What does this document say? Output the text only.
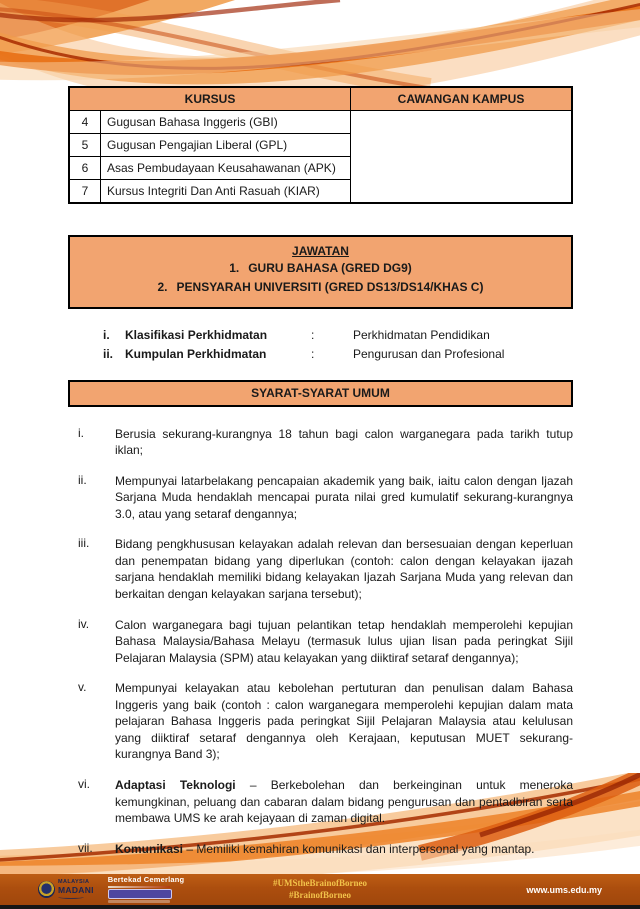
KURSUS		CAWANGAN KAMPUS
4	Gugusan Bahasa Inggeris (GBI)	
5	Gugusan Pengajian Liberal (GPL)	
6	Asas Pembudayaan Keusahawanan (APK)	
7	Kursus Integriti Dan Anti Rasuah (KIAR)	
JAWATAN
1. GURU BAHASA (GRED DG9)
2. PENSYARAH UNIVERSITI (GRED DS13/DS14/KHAS C)
i.	Klasifikasi Perkhidmatan	:	Perkhidmatan Pendidikan
ii. Kumpulan Perkhidmatan	:	Pengurusan dan Profesional
SYARAT-SYARAT UMUM
i.	Berusia sekurang-kurangnya 18 tahun bagi calon warganegara pada tarikh tutup iklan;

ii.	Mempunyai latarbelakang pencapaian akademik yang baik, iaitu calon dengan Ijazah Sarjana Muda hendaklah mencapai purata nilai gred kumulatif sekurang-kurangnya 3.0, atau yang setaraf dengannya;

iii.	Bidang pengkhususan kelayakan adalah relevan dan bersesuaian dengan keperluan dan penempatan bidang yang diperlukan (contoh: calon dengan kelayakan ijazah sarjana hendaklah memiliki bidang kelayakan Ijazah Sarjana Muda yang relevan dan berkaitan dengan kelayakan sarjana tersebut);

iv.	Calon warganegara bagi tujuan pelantikan tetap hendaklah memperolehi kepujian Bahasa Malaysia/Bahasa Melayu (termasuk lulus ujian lisan pada peringkat Sijil Pelajaran Malaysia (SPM) atau kelayakan yang diiktiraf setaraf dengannya);

v.	Mempunyai kelayakan atau kebolehan pertuturan dan penulisan dalam Bahasa Inggeris yang baik (contoh : calon warganegara memperolehi kepujian dalam mata pelajaran Bahasa Inggeris pada peringkat Sijil Pelajaran Malaysia atau kelulusan yang diiktiraf setaraf dengannya oleh Kerajaan, keputusan MUET sekurang-kurangnya Band 3);

vi.	Adaptasi Teknologi – Berkebolehan dan berkeinginan untuk meneroka kemungkinan, peluang dan cabaran dalam bidang pengurusan dan pentadbiran serta membawa UMS ke arah kejayaan di zaman digital.

vii.	Komunikasi – Memiliki kemahiran komunikasi dan interpersonal yang mantap.

MALAYSIA
MADANI
Bertekad Cemerlang	#UMStheBrainofBorneo
#BrainofBorneo	www.ums.edu.my
